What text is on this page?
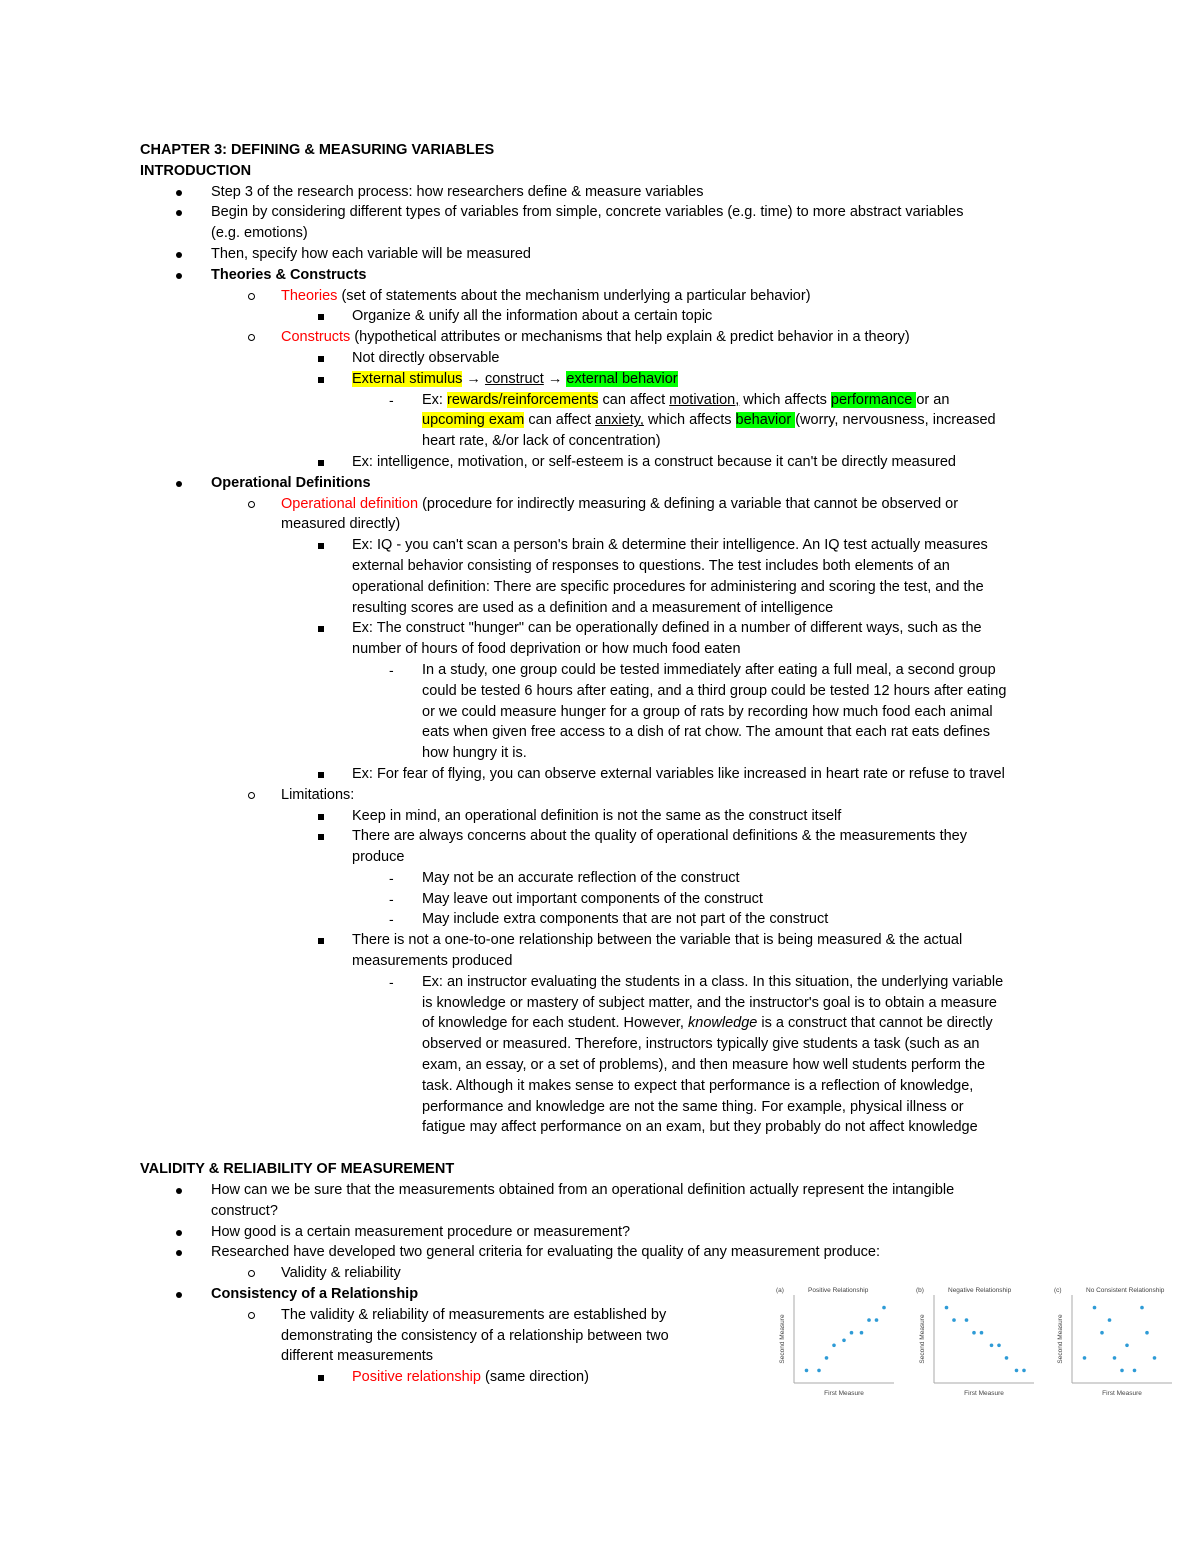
CHAPTER 3: DEFINING & MEASURING VARIABLES
INTRODUCTION
Step 3 of the research process: how researchers define & measure variables
Begin by considering different types of variables from simple, concrete variables (e.g. time) to more abstract variables
(e.g. emotions)
Then, specify how each variable will be measured
Theories & Constructs
Theories (set of statements about the mechanism underlying a particular behavior)
Organize & unify all the information about a certain topic
Constructs (hypothetical attributes or mechanisms that help explain & predict behavior in a theory)
Not directly observable
External stimulus → construct → external behavior
- Ex: rewards/reinforcements can affect motivation, which affects performance or an
upcoming exam can affect anxiety, which affects behavior (worry, nervousness, increased
heart rate, &/or lack of concentration)
Ex: intelligence, motivation, or self-esteem is a construct because it can't be directly measured
Operational Definitions
Operational definition (procedure for indirectly measuring & defining a variable that cannot be observed or
measured directly)
Ex: IQ - you can't scan a person's brain & determine their intelligence. An IQ test actually measures
external behavior consisting of responses to questions. The test includes both elements of an
operational definition: There are specific procedures for administering and scoring the test, and the
resulting scores are used as a definition and a measurement of intelligence
Ex: The construct "hunger" can be operationally defined in a number of different ways, such as the
number of hours of food deprivation or how much food eaten
- In a study, one group could be tested immediately after eating a full meal, a second group
could be tested 6 hours after eating, and a third group could be tested 12 hours after eating
or we could measure hunger for a group of rats by recording how much food each animal
eats when given free access to a dish of rat chow. The amount that each rat eats defines
how hungry it is.
Ex: For fear of flying, you can observe external variables like increased in heart rate or refuse to travel
Limitations:
Keep in mind, an operational definition is not the same as the construct itself
There are always concerns about the quality of operational definitions & the measurements they
produce
- May not be an accurate reflection of the construct
- May leave out important components of the construct
- May include extra components that are not part of the construct
There is not a one-to-one relationship between the variable that is being measured & the actual
measurements produced
- Ex: an instructor evaluating the students in a class. In this situation, the underlying variable
is knowledge or mastery of subject matter, and the instructor's goal is to obtain a measure
of knowledge for each student. However, knowledge is a construct that cannot be directly
observed or measured. Therefore, instructors typically give students a task (such as an
exam, an essay, or a set of problems), and then measure how well students perform the
task. Although it makes sense to expect that performance is a reflection of knowledge,
performance and knowledge are not the same thing. For example, physical illness or
fatigue may affect performance on an exam, but they probably do not affect knowledge
VALIDITY & RELIABILITY OF MEASUREMENT
How can we be sure that the measurements obtained from an operational definition actually represent the intangible
construct?
How good is a certain measurement procedure or measurement?
Researched have developed two general criteria for evaluating the quality of any measurement produce:
Validity & reliability
Consistency of a Relationship
The validity & reliability of measurements are established by
demonstrating the consistency of a relationship between two
different measurements
Positive relationship (same direction)
(a)	Positive Relationship
First Measure
Second Measure
(b)	Negative Relationship
First Measure
Second Measure
(c)	No Consistent Relationship
First Measure
Second Measure
